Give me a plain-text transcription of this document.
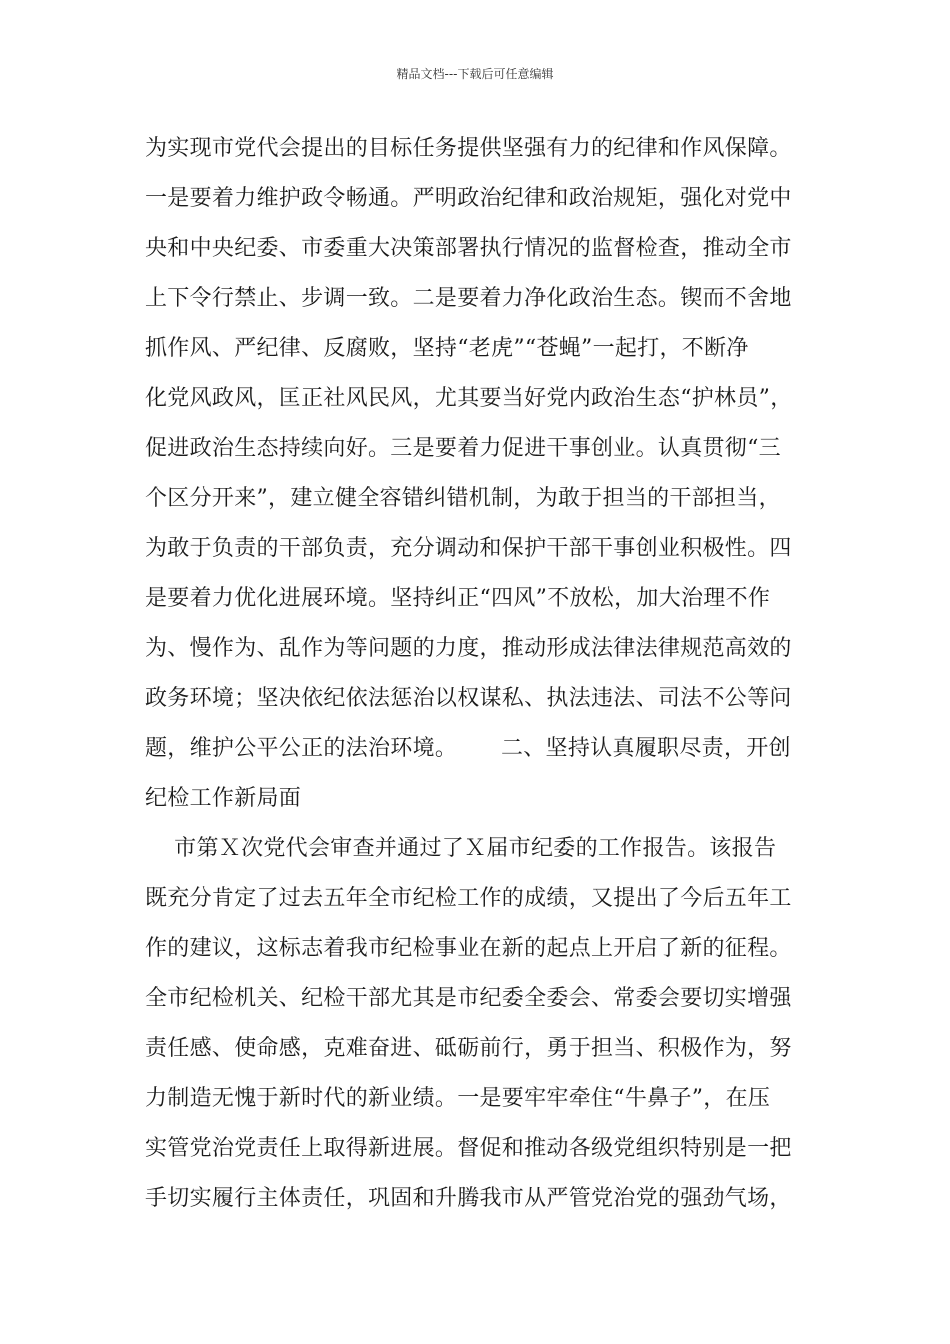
精品文档---下载后可任意编辑
为实现市党代会提出的目标任务提供坚强有力的纪律和作风保障。
一是要着力维护政令畅通。严明政治纪律和政治规矩，强化对党中
央和中央纪委、市委重大决策部署执行情况的监督检查，推动全市
上下令行禁止、步调一致。二是要着力净化政治生态。锲而不舍地
抓作风、严纪律、反腐败，坚持“老虎”“苍蝇”一起打，不断净
化党风政风，匡正社风民风，尤其要当好党内政治生态“护林员”，
促进政治生态持续向好。三是要着力促进干事创业。认真贯彻“三
个区分开来”，建立健全容错纠错机制，为敢于担当的干部担当，
为敢于负责的干部负责，充分调动和保护干部干事创业积极性。四
是要着力优化进展环境。坚持纠正“四风”不放松，加大治理不作
为、慢作为、乱作为等问题的力度，推动形成法律法律规范高效的
政务环境；坚决依纪依法惩治以权谋私、执法违法、司法不公等问
题，维护公平公正的法治环境。      二、坚持认真履职尽责，开创
纪检工作新局面
市第Ｘ次党代会审查并通过了Ｘ届市纪委的工作报告。该报告
既充分肯定了过去五年全市纪检工作的成绩，又提出了今后五年工
作的建议，这标志着我市纪检事业在新的起点上开启了新的征程。
全市纪检机关、纪检干部尤其是市纪委全委会、常委会要切实增强
责任感、使命感，克难奋进、砥砺前行，勇于担当、积极作为，努
力制造无愧于新时代的新业绩。一是要牢牢牵住“牛鼻子”，在压
实管党治党责任上取得新进展。督促和推动各级党组织特别是一把
手切实履行主体责任，巩固和升腾我市从严管党治党的强劲气场，
